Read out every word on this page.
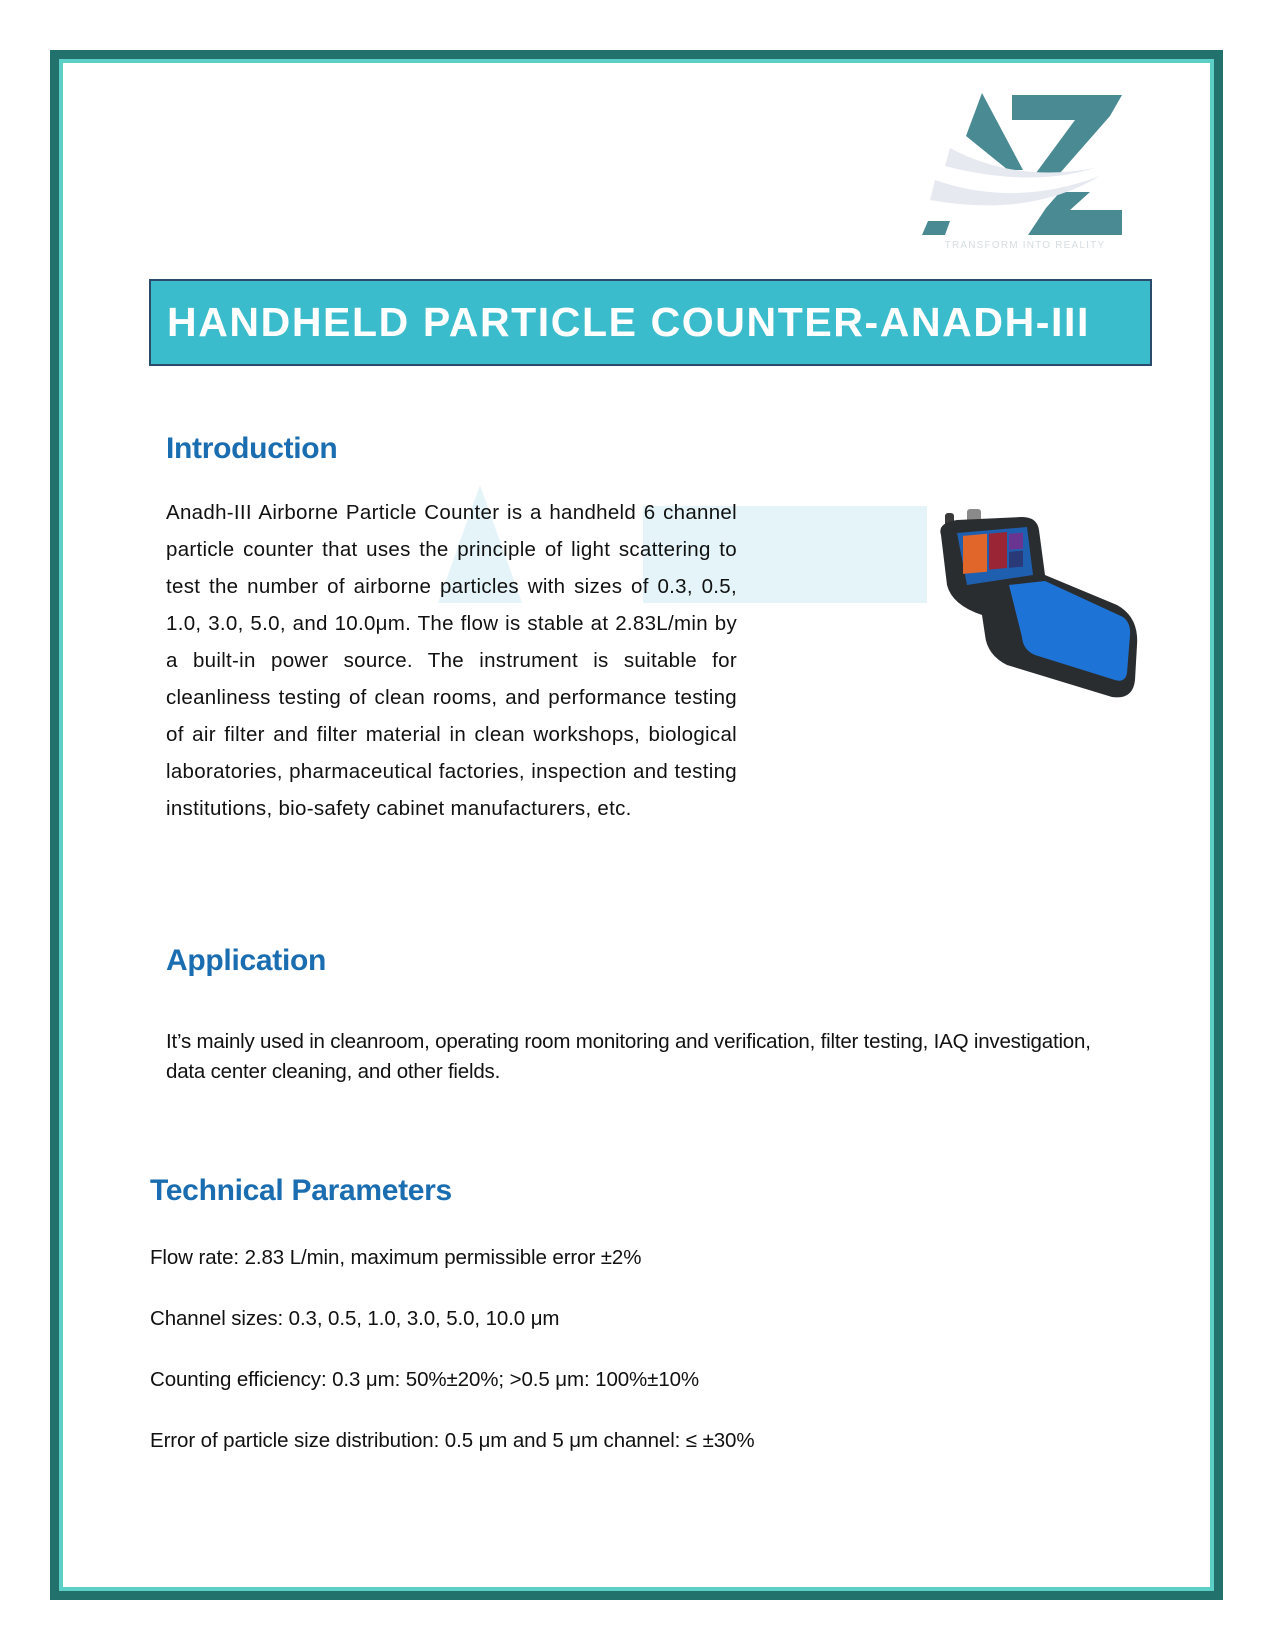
TRANSFORM INTO REALITY
HANDHELD PARTICLE COUNTER-ANADH-III
Introduction
Anadh-III Airborne Particle Counter is a handheld 6 channel particle counter that uses the principle of light scattering to test the number of airborne particles with sizes of 0.3, 0.5, 1.0, 3.0, 5.0, and 10.0μm. The flow is stable at 2.83L/min by a built-in power source. The instrument is suitable for cleanliness testing of clean rooms, and performance testing of air filter and filter material in clean workshops, biological laboratories, pharmaceutical factories, inspection and testing institutions, bio-safety cabinet manufacturers, etc.
Application
It’s mainly used in cleanroom, operating room monitoring and verification, filter testing, IAQ investigation, data center cleaning, and other fields.
Technical Parameters
Flow rate: 2.83 L/min, maximum permissible error ±2%
Channel sizes: 0.3, 0.5, 1.0, 3.0, 5.0, 10.0 μm
Counting efficiency: 0.3 μm: 50%±20%; >0.5 μm: 100%±10%
Error of particle size distribution: 0.5 μm and 5 μm channel: ≤ ±30%
